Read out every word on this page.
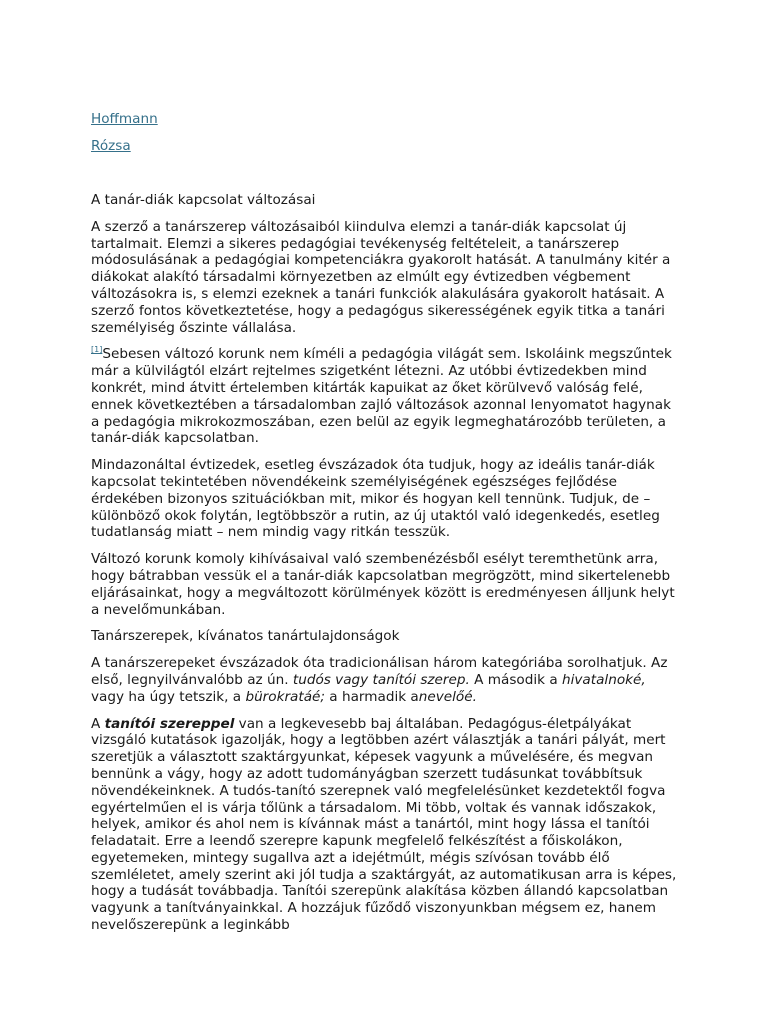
Hoffmann
Rózsa
A tanár-diák kapcsolat változásai

A szerző a tanárszerep változásaiból kiindulva elemzi a tanár-diák kapcsolat új tartalmait. Elemzi a sikeres pedagógiai tevékenység feltételeit, a tanárszerep módosulásának a pedagógiai kompetenciákra gyakorolt hatását. A tanulmány kitér a diákokat alakító társadalmi környezetben az elmúlt egy évtizedben végbement változásokra is, s elemzi ezeknek a tanári funkciók alakulására gyakorolt hatásait. A szerző fontos következtetése, hogy a pedagógus sikerességének egyik titka a tanári személyiség őszinte vállalása.

[1]Sebesen változó korunk nem kíméli a pedagógia világát sem. Iskoláink megszűntek már a külvilágtól elzárt rejtelmes szigetként létezni. Az utóbbi évtizedekben mind konkrét, mind átvitt értelemben kitárták kapuikat az őket körülvevő valóság felé, ennek következtében a társadalomban zajló változások azonnal lenyomatot hagynak a pedagógia mikrokozmoszában, ezen belül az egyik legmeghatározóbb területen, a tanár-diák kapcsolatban.

Mindazonáltal évtizedek, esetleg évszázadok óta tudjuk, hogy az ideális tanár-diák kapcsolat tekintetében növendékeink személyiségének egészséges fejlődése érdekében bizonyos szituációkban mit, mikor és hogyan kell tennünk. Tudjuk, de – különböző okok folytán, legtöbbször a rutin, az új utaktól való idegenkedés, esetleg tudatlanság miatt – nem mindig vagy ritkán tesszük.

Változó korunk komoly kihívásaival való szembenézésből esélyt teremthetünk arra, hogy bátrabban vessük el a tanár-diák kapcsolatban megrögzött, mind sikertelenebb eljárásainkat, hogy a megváltozott körülmények között is eredményesen álljunk helyt a nevelőmunkában.

Tanárszerepek, kívánatos tanártulajdonságok

A tanárszerepeket évszázadok óta tradicionálisan három kategóriába sorolhatjuk. Az első, legnyilvánvalóbb az ún. tudós vagy tanítói szerep. A második a hivatalnoké, vagy ha úgy tetszik, a bürokratáé; a harmadik anevelőé.

A tanítói szereppel van a legkevesebb baj általában. Pedagógus-életpályákat vizsgáló kutatások igazolják, hogy a legtöbben azért választják a tanári pályát, mert szeretjük a választott szaktárgyunkat, képesek vagyunk a művelésére, és megvan bennünk a vágy, hogy az adott tudományágban szerzett tudásunkat továbbítsuk növendékeinknek. A tudós-tanító szerepnek való megfelelésünket kezdetektől fogva egyértelműen el is várja tőlünk a társadalom. Mi több, voltak és vannak időszakok, helyek, amikor és ahol nem is kívánnak mást a tanártól, mint hogy lássa el tanítói feladatait. Erre a leendő szerepre kapunk megfelelő felkészítést a főiskolákon, egyetemeken, mintegy sugallva azt a idejétmúlt, mégis szívósan tovább élő szemléletet, amely szerint aki jól tudja a szaktárgyát, az automatikusan arra is képes, hogy a tudását továbbadja. Tanítói szerepünk alakítása közben állandó kapcsolatban vagyunk a tanítványainkkal. A hozzájuk fűződő viszonyunkban mégsem ez, hanem nevelőszerepünk a leginkább
